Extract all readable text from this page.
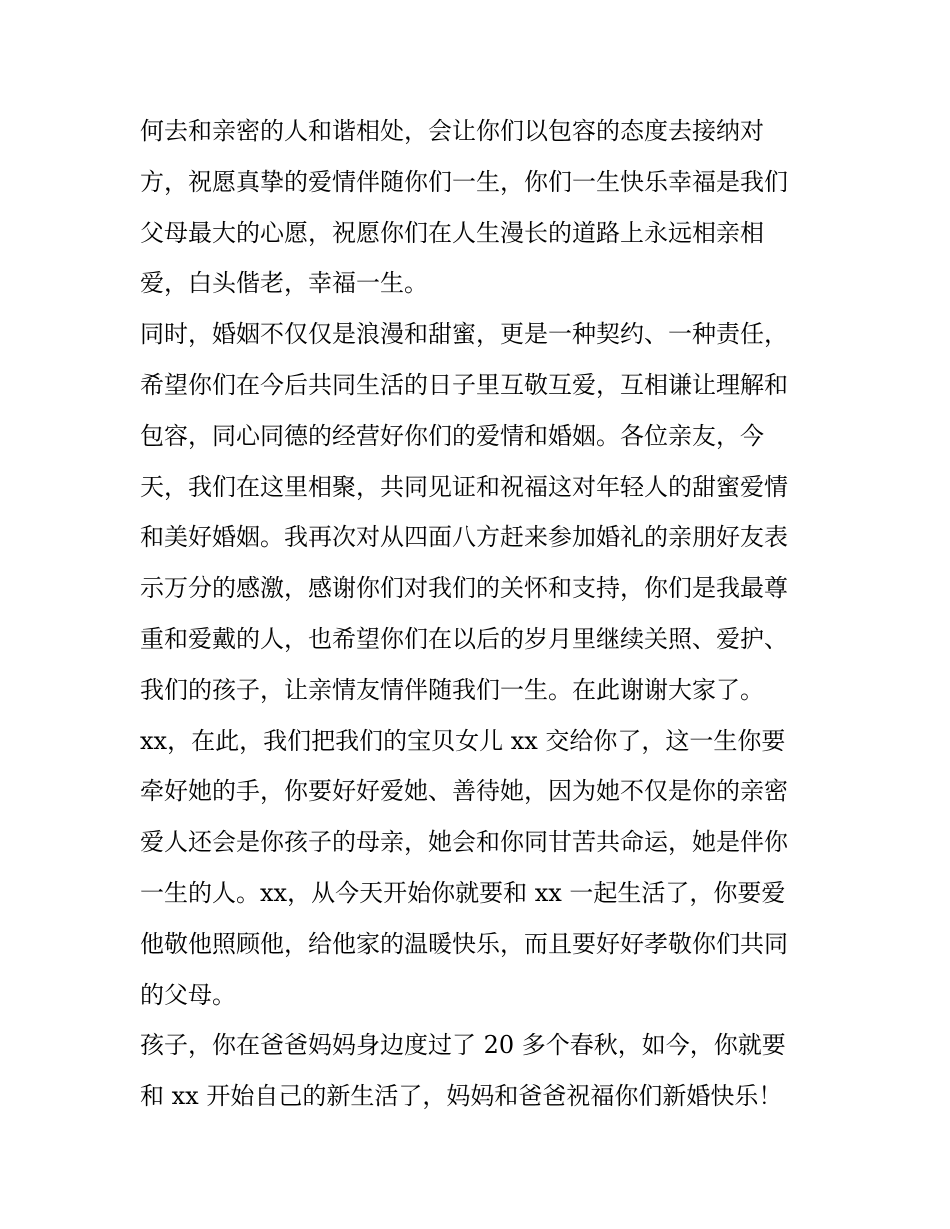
何去和亲密的人和谐相处，会让你们以包容的态度去接纳对
方，祝愿真挚的爱情伴随你们一生，你们一生快乐幸福是我们
父母最大的心愿，祝愿你们在人生漫长的道路上永远相亲相
爱，白头偕老，幸福一生。
同时，婚姻不仅仅是浪漫和甜蜜，更是一种契约、一种责任，
希望你们在今后共同生活的日子里互敬互爱，互相谦让理解和
包容，同心同德的经营好你们的爱情和婚姻。各位亲友，今
天，我们在这里相聚，共同见证和祝福这对年轻人的甜蜜爱情
和美好婚姻。我再次对从四面八方赶来参加婚礼的亲朋好友表
示万分的感激，感谢你们对我们的关怀和支持，你们是我最尊
重和爱戴的人，也希望你们在以后的岁月里继续关照、爱护、
我们的孩子，让亲情友情伴随我们一生。在此谢谢大家了。
xx，在此，我们把我们的宝贝女儿 xx 交给你了，这一生你要
牵好她的手，你要好好爱她、善待她，因为她不仅是你的亲密
爱人还会是你孩子的母亲，她会和你同甘苦共命运，她是伴你
一生的人。xx，从今天开始你就要和 xx 一起生活了，你要爱
他敬他照顾他，给他家的温暖快乐，而且要好好孝敬你们共同
的父母。
孩子，你在爸爸妈妈身边度过了 20 多个春秋，如今，你就要
和 xx 开始自己的新生活了，妈妈和爸爸祝福你们新婚快乐！
